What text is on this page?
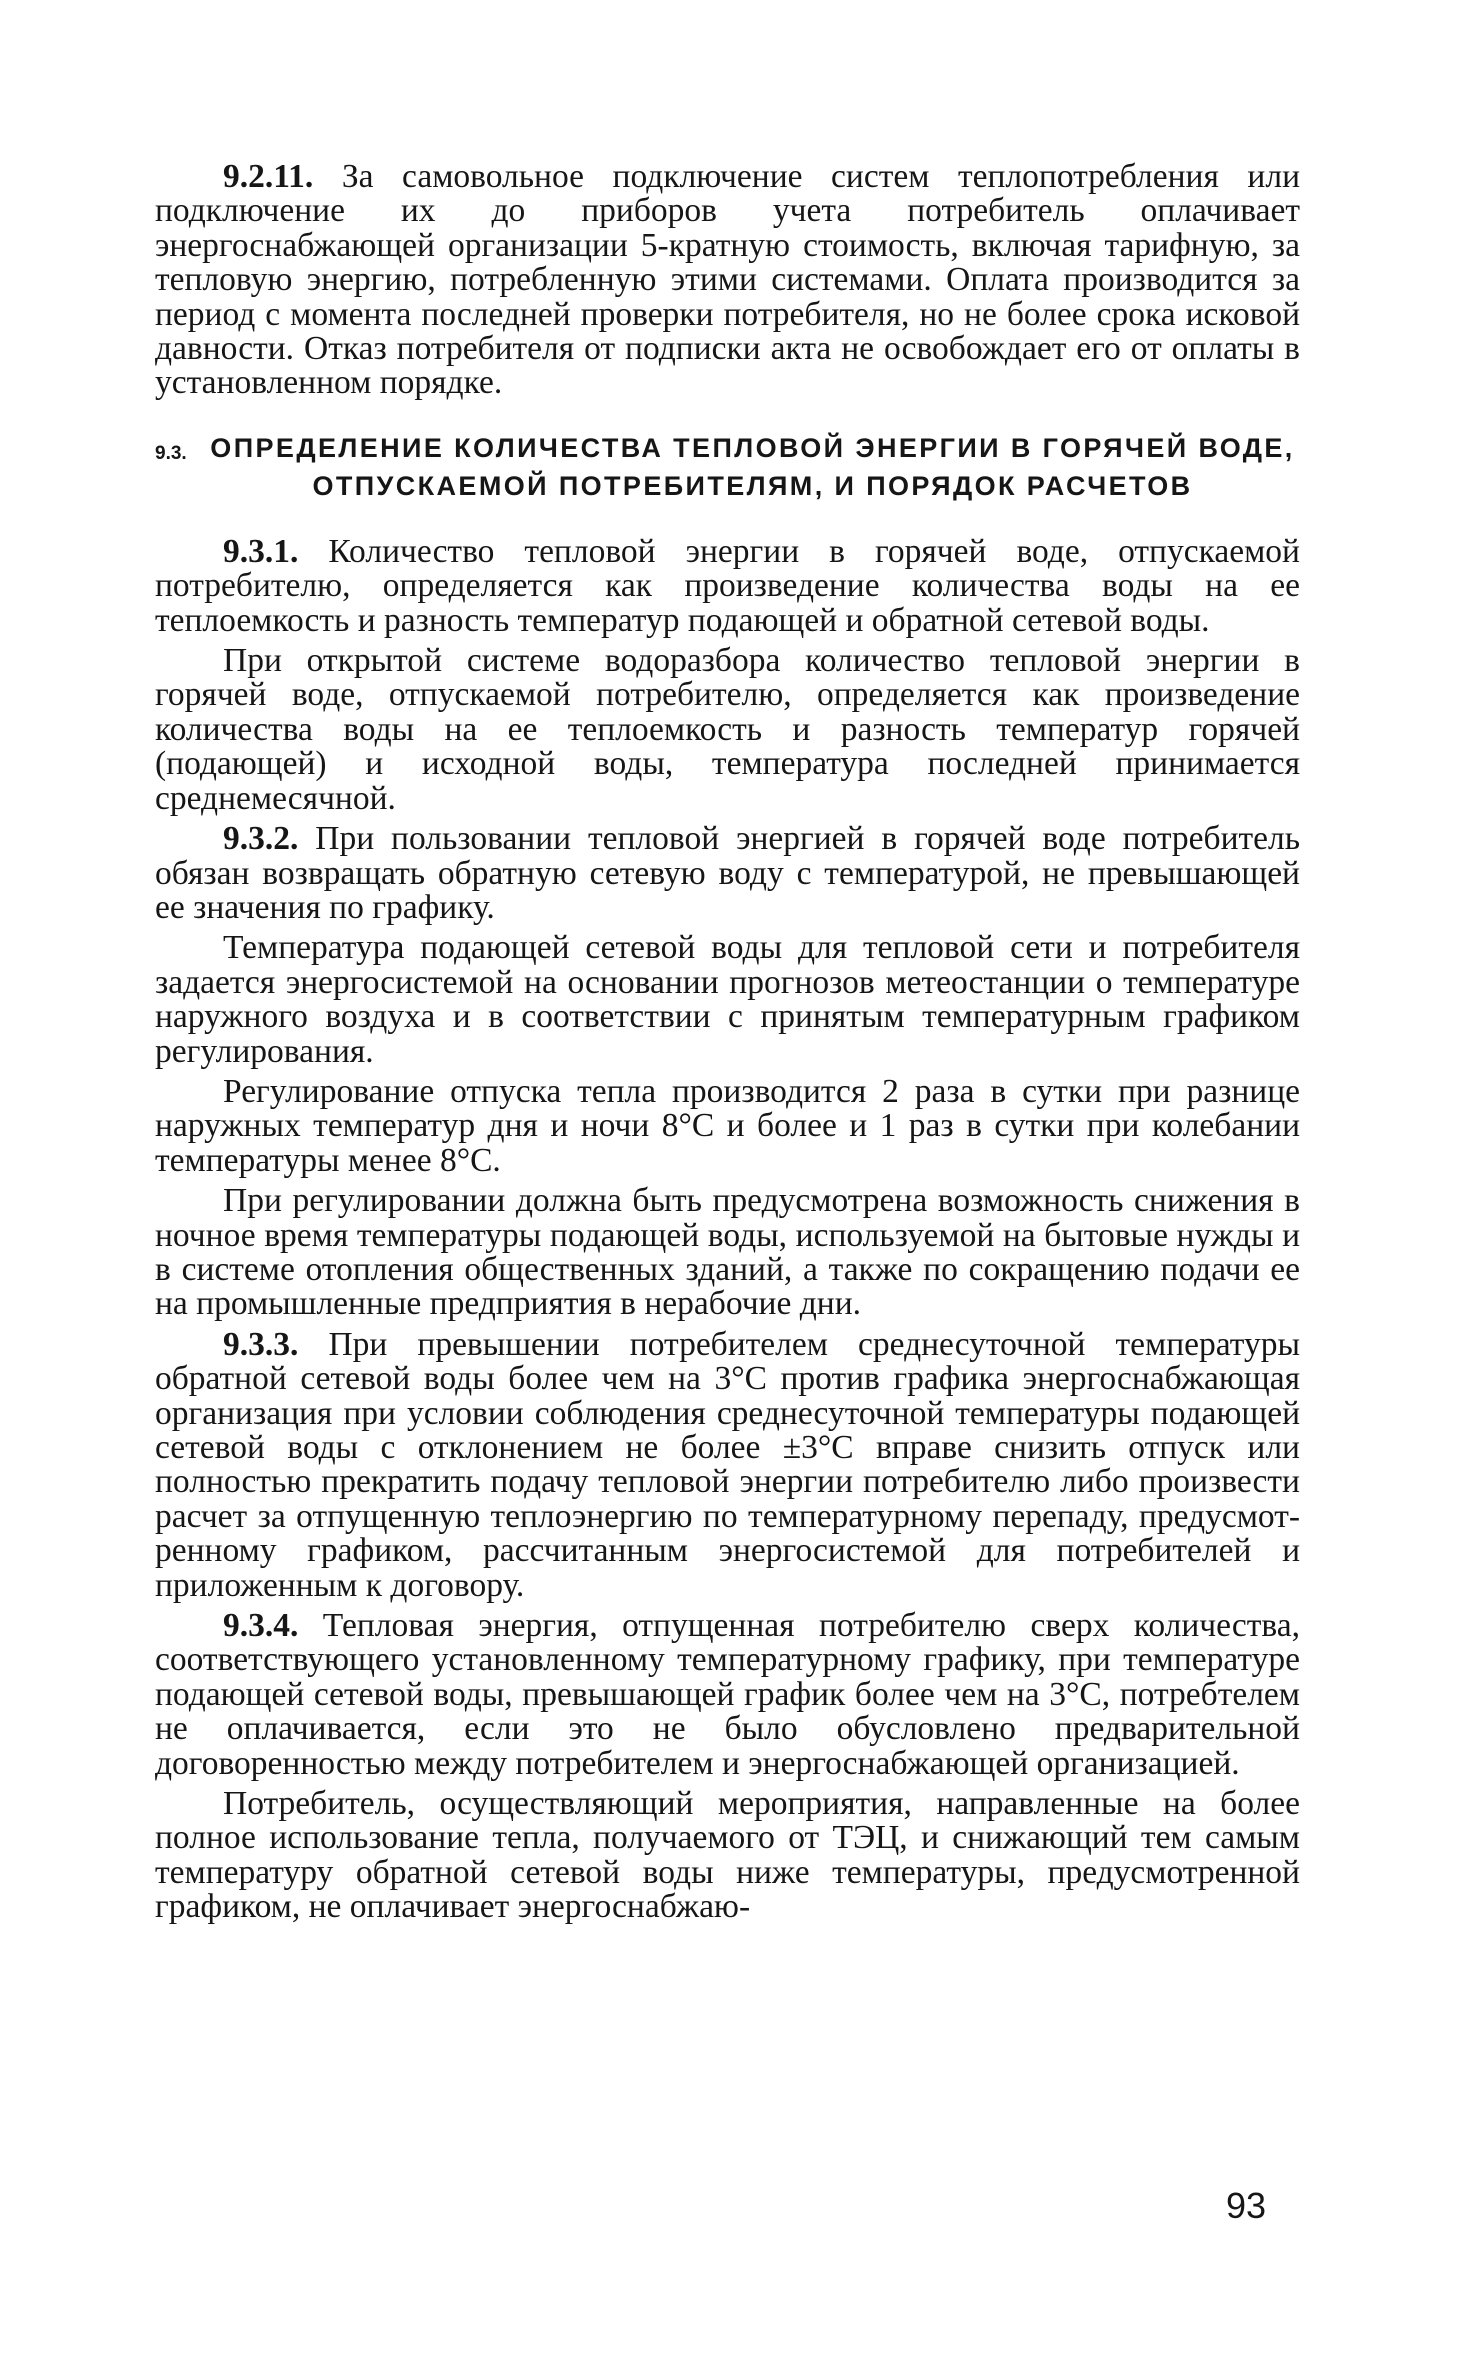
9.2.11. За самовольное подключение систем теплопотребления или подключение их до приборов учета потребитель оплачивает энергоснабжающей организации 5-кратную стоимость, включая тарифную, за тепловую энергию, потребленную этими системами. Оплата производится за период с момента последней проверки потребителя, но не более срока исковой давности. Отказ потребителя от подписки акта не освобождает его от оплаты в установленном порядке.

9.3. ОПРЕДЕЛЕНИЕ КОЛИЧЕСТВА ТЕПЛОВОЙ ЭНЕРГИИ В ГОРЯЧЕЙ ВОДЕ, ОТПУСКАЕМОЙ ПОТРЕБИТЕЛЯМ, И ПОРЯДОК РАСЧЕТОВ

9.3.1. Количество тепловой энергии в горячей воде, отпускаемой потребителю, определяется как произведение количества воды на ее теплоемкость и разность температур подающей и обратной сетевой воды.

При открытой системе водоразбора количество тепловой энергии в горячей воде, отпускаемой потребителю, определяется как произведение количества воды на ее теплоемкость и разность температур горячей (подающей) и исходной воды, температура последней принимается среднемесячной.

9.3.2. При пользовании тепловой энергией в горячей воде потребитель обязан возвращать обратную сетевую воду с температурой, не превышающей ее значения по графику.

Температура подающей сетевой воды для тепловой сети и потребителя задается энергосистемой на основании прогнозов метеостанции о температуре наружного воздуха и в соответствии с принятым температурным графиком регулирования.

Регулирование отпуска тепла производится 2 раза в сутки при разнице наружных температур дня и ночи 8°С и более и 1 раз в сутки при колебании температуры менее 8°С.

При регулировании должна быть предусмотрена возможность снижения в ночное время температуры подающей воды, используемой на бытовые нужды и в системе отопления общественных зданий, а также по сокращению подачи ее на промышленные предприятия в нерабочие дни.

9.3.3. При превышении потребителем среднесуточной температуры обратной сетевой воды более чем на 3°С против графика энергоснабжающая организация при условии соблюдения среднесуточной температуры подающей сетевой воды с отклонением не более ±3°С вправе снизить отпуск или полностью прекратить подачу тепловой энергии потребителю либо произвести расчет за отпущенную теплоэнергию по температурному перепаду, предусмотренному графиком, рассчитанным энергосистемой для потребителей и приложенным к договору.

9.3.4. Тепловая энергия, отпущенная потребителю сверх количества, соответствующего установленному температурному графику, при температуре подающей сетевой воды, превышающей график более чем на 3°С, потребтелем не оплачивается, если это не было обусловлено предварительной договоренностью между потребителем и энергоснабжающей организацией.

Потребитель, осуществляющий мероприятия, направленные на более полное использование тепла, получаемого от ТЭЦ, и снижающий тем самым температуру обратной сетевой воды ниже температуры, предусмотренной графиком, не оплачивает энергоснабжаю-

93
